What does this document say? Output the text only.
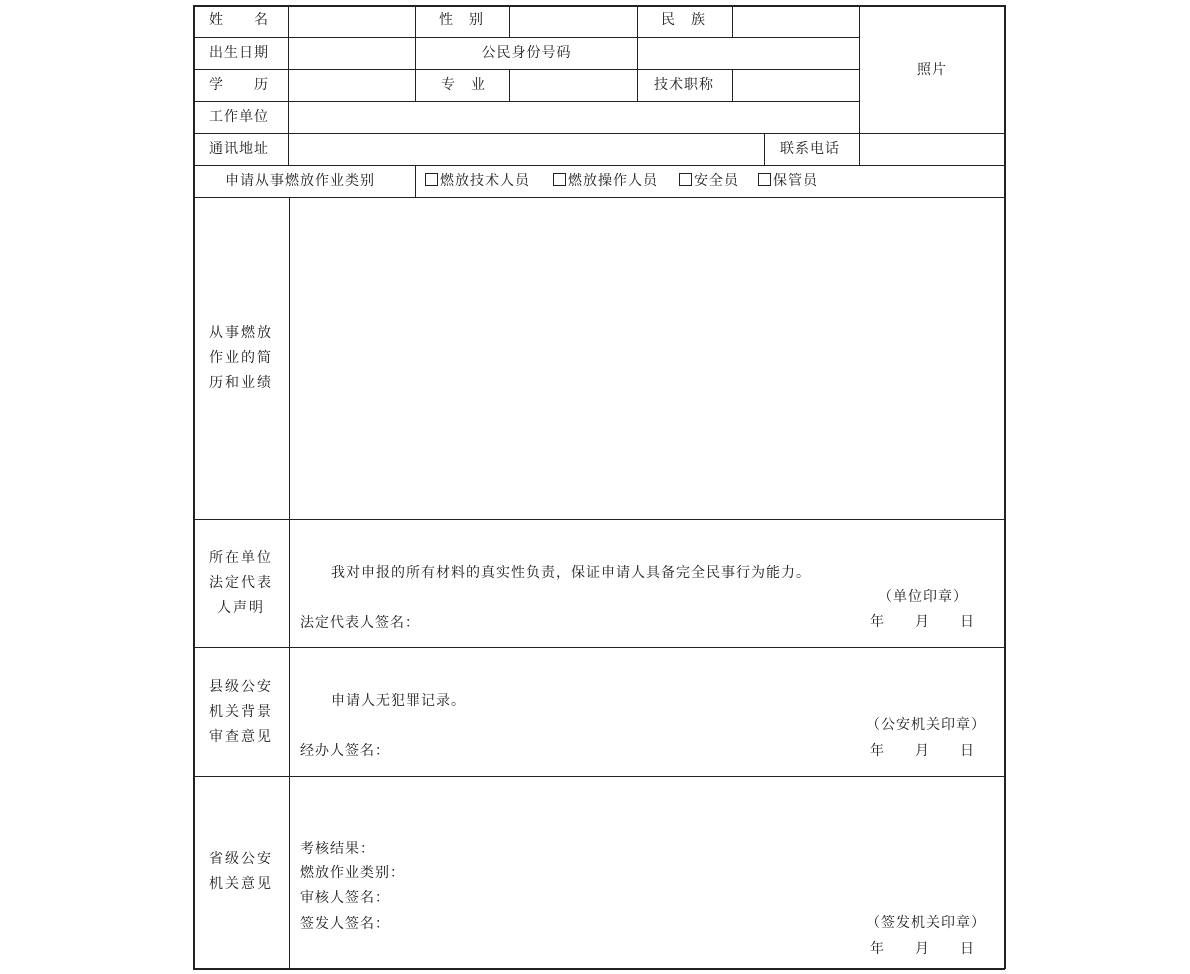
姓　　名	性　别	民　族
照片
出生日期	公民身份号码
学　　历	专　业	技术职称
工作单位
通讯地址	联系电话
申请从事燃放作业类别	燃放技术人员	燃放操作人员	安全员	保管员
从事燃放
作业的简
历和业绩
所在单位
法定代表
人声明
我对申报的所有材料的真实性负责，保证申请人具备完全民事行为能力。
（单位印章）
法定代表人签名：	年　　月　　日
县级公安
机关背景
审查意见
申请人无犯罪记录。
（公安机关印章）
经办人签名：	年　　月　　日
省级公安
机关意见
考核结果：
燃放作业类别：
审核人签名：
签发人签名：	（签发机关印章）
年　　月　　日
